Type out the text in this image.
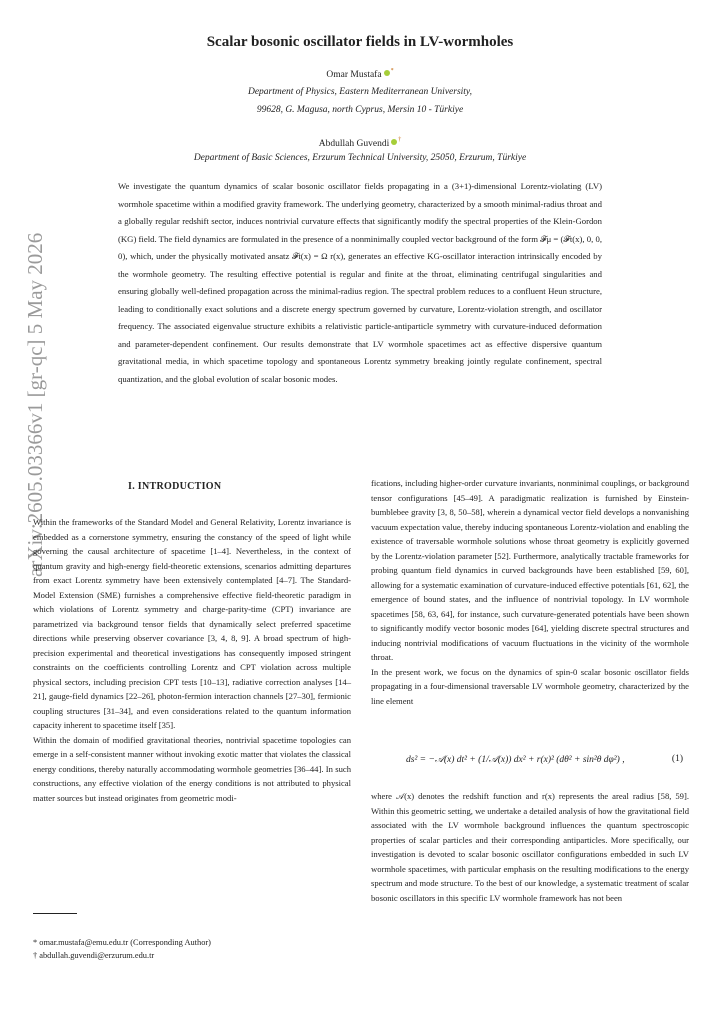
arXiv:2605.03366v1 [gr-qc] 5 May 2026
Scalar bosonic oscillator fields in LV-wormholes
Omar Mustafa *
Department of Physics, Eastern Mediterranean University,
99628, G. Magusa, north Cyprus, Mersin 10 - Türkiye
Abdullah Guvendi †
Department of Basic Sciences, Erzurum Technical University, 25050, Erzurum, Türkiye

We investigate the quantum dynamics of scalar bosonic oscillator fields propagating in a (3+1)-dimensional Lorentz-violating (LV) wormhole spacetime within a modified gravity framework. The underlying geometry, characterized by a smooth minimal-radius throat and a globally regular redshift sector, induces nontrivial curvature effects that significantly modify the spectral properties of the Klein-Gordon (KG) field. The field dynamics are formulated in the presence of a nonminimally coupled vector background of the form 𝓕μ = (𝓕t(x), 0, 0, 0), which, under the physically motivated ansatz 𝓕t(x) = Ω r(x), generates an effective KG-oscillator interaction intrinsically encoded by the wormhole geometry. The resulting effective potential is regular and finite at the throat, eliminating centrifugal singularities and ensuring globally well-defined propagation across the minimal-radius region. The spectral problem reduces to a confluent Heun structure, leading to conditionally exact solutions and a discrete energy spectrum governed by curvature, Lorentz-violation strength, and oscillator frequency. The associated eigenvalue structure exhibits a relativistic particle-antiparticle symmetry with curvature-induced deformation and parameter-dependent confinement. Our results demonstrate that LV wormhole spacetimes act as effective dispersive quantum gravitational media, in which spacetime topology and spontaneous Lorentz symmetry breaking jointly regulate confinement, spectral quantization, and the global evolution of scalar bosonic modes.

I. INTRODUCTION

Within the frameworks of the Standard Model and General Relativity, Lorentz invariance is embedded as a cornerstone symmetry, ensuring the constancy of the speed of light while governing the causal architecture of spacetime [1–4]. Nevertheless, in the context of quantum gravity and high-energy field-theoretic extensions, scenarios admitting departures from exact Lorentz symmetry have been extensively contemplated [4–7]. The Standard-Model Extension (SME) furnishes a comprehensive effective field-theoretic paradigm in which violations of Lorentz symmetry and charge-parity-time (CPT) invariance are parametrized via background tensor fields that dynamically select preferred spacetime directions while preserving observer covariance [3, 4, 8, 9]. A broad spectrum of high-precision experimental and theoretical investigations has consequently imposed stringent constraints on the coefficients controlling Lorentz and CPT violation across multiple physical sectors, including precision CPT tests [10–13], radiative correction analyses [14–21], gauge-field dynamics [22–26], photon-fermion interaction channels [27–30], fermionic coupling structures [31–34], and even considerations related to the quantum information capacity inherent to spacetime itself [35].

Within the domain of modified gravitational theories, nontrivial spacetime topologies can emerge in a self-consistent manner without invoking exotic matter that violates the classical energy conditions, thereby naturally accommodating wormhole geometries [36–44]. In such constructions, any effective violation of the energy conditions is not attributed to physical matter sources but instead originates from geometric modi-

fications, including higher-order curvature invariants, nonminimal couplings, or background tensor configurations [45–49]. A paradigmatic realization is furnished by Einstein-bumblebee gravity [3, 8, 50–58], wherein a dynamical vector field develops a nonvanishing vacuum expectation value, thereby inducing spontaneous Lorentz-violation and enabling the existence of traversable wormhole solutions whose throat geometry is explicitly governed by the Lorentz-violation parameter [52]. Furthermore, analytically tractable frameworks for probing quantum field dynamics in curved backgrounds have been established [59, 60], allowing for a systematic examination of curvature-induced effective potentials [61, 62], the emergence of bound states, and the influence of nontrivial topology. In LV wormhole spacetimes [58, 63, 64], for instance, such curvature-generated potentials have been shown to significantly modify vector bosonic modes [64], yielding discrete spectral structures and inducing nontrivial modifications of vacuum fluctuations in the vicinity of the wormhole throat.

In the present work, we focus on the dynamics of spin-0 scalar bosonic oscillator fields propagating in a four-dimensional traversable LV wormhole geometry, characterized by the line element

ds² = −𝒜(x) dt² + (1/𝒜(x)) dx² + r(x)² (dθ² + sin²θ dφ²) ,	(1)

where 𝒜(x) denotes the redshift function and r(x) represents the areal radius [58, 59]. Within this geometric setting, we undertake a detailed analysis of how the gravitational field associated with the LV wormhole background influences the quantum spectroscopic properties of scalar particles and their corresponding antiparticles. More specifically, our investigation is devoted to scalar bosonic oscillator configurations embedded in such LV wormhole spacetimes, with particular emphasis on the resulting modifications to the energy spectrum and mode structure. To the best of our knowledge, a systematic treatment of scalar bosonic oscillators in this specific LV wormhole framework has not been

* omar.mustafa@emu.edu.tr (Corresponding Author)
† abdullah.guvendi@erzurum.edu.tr
